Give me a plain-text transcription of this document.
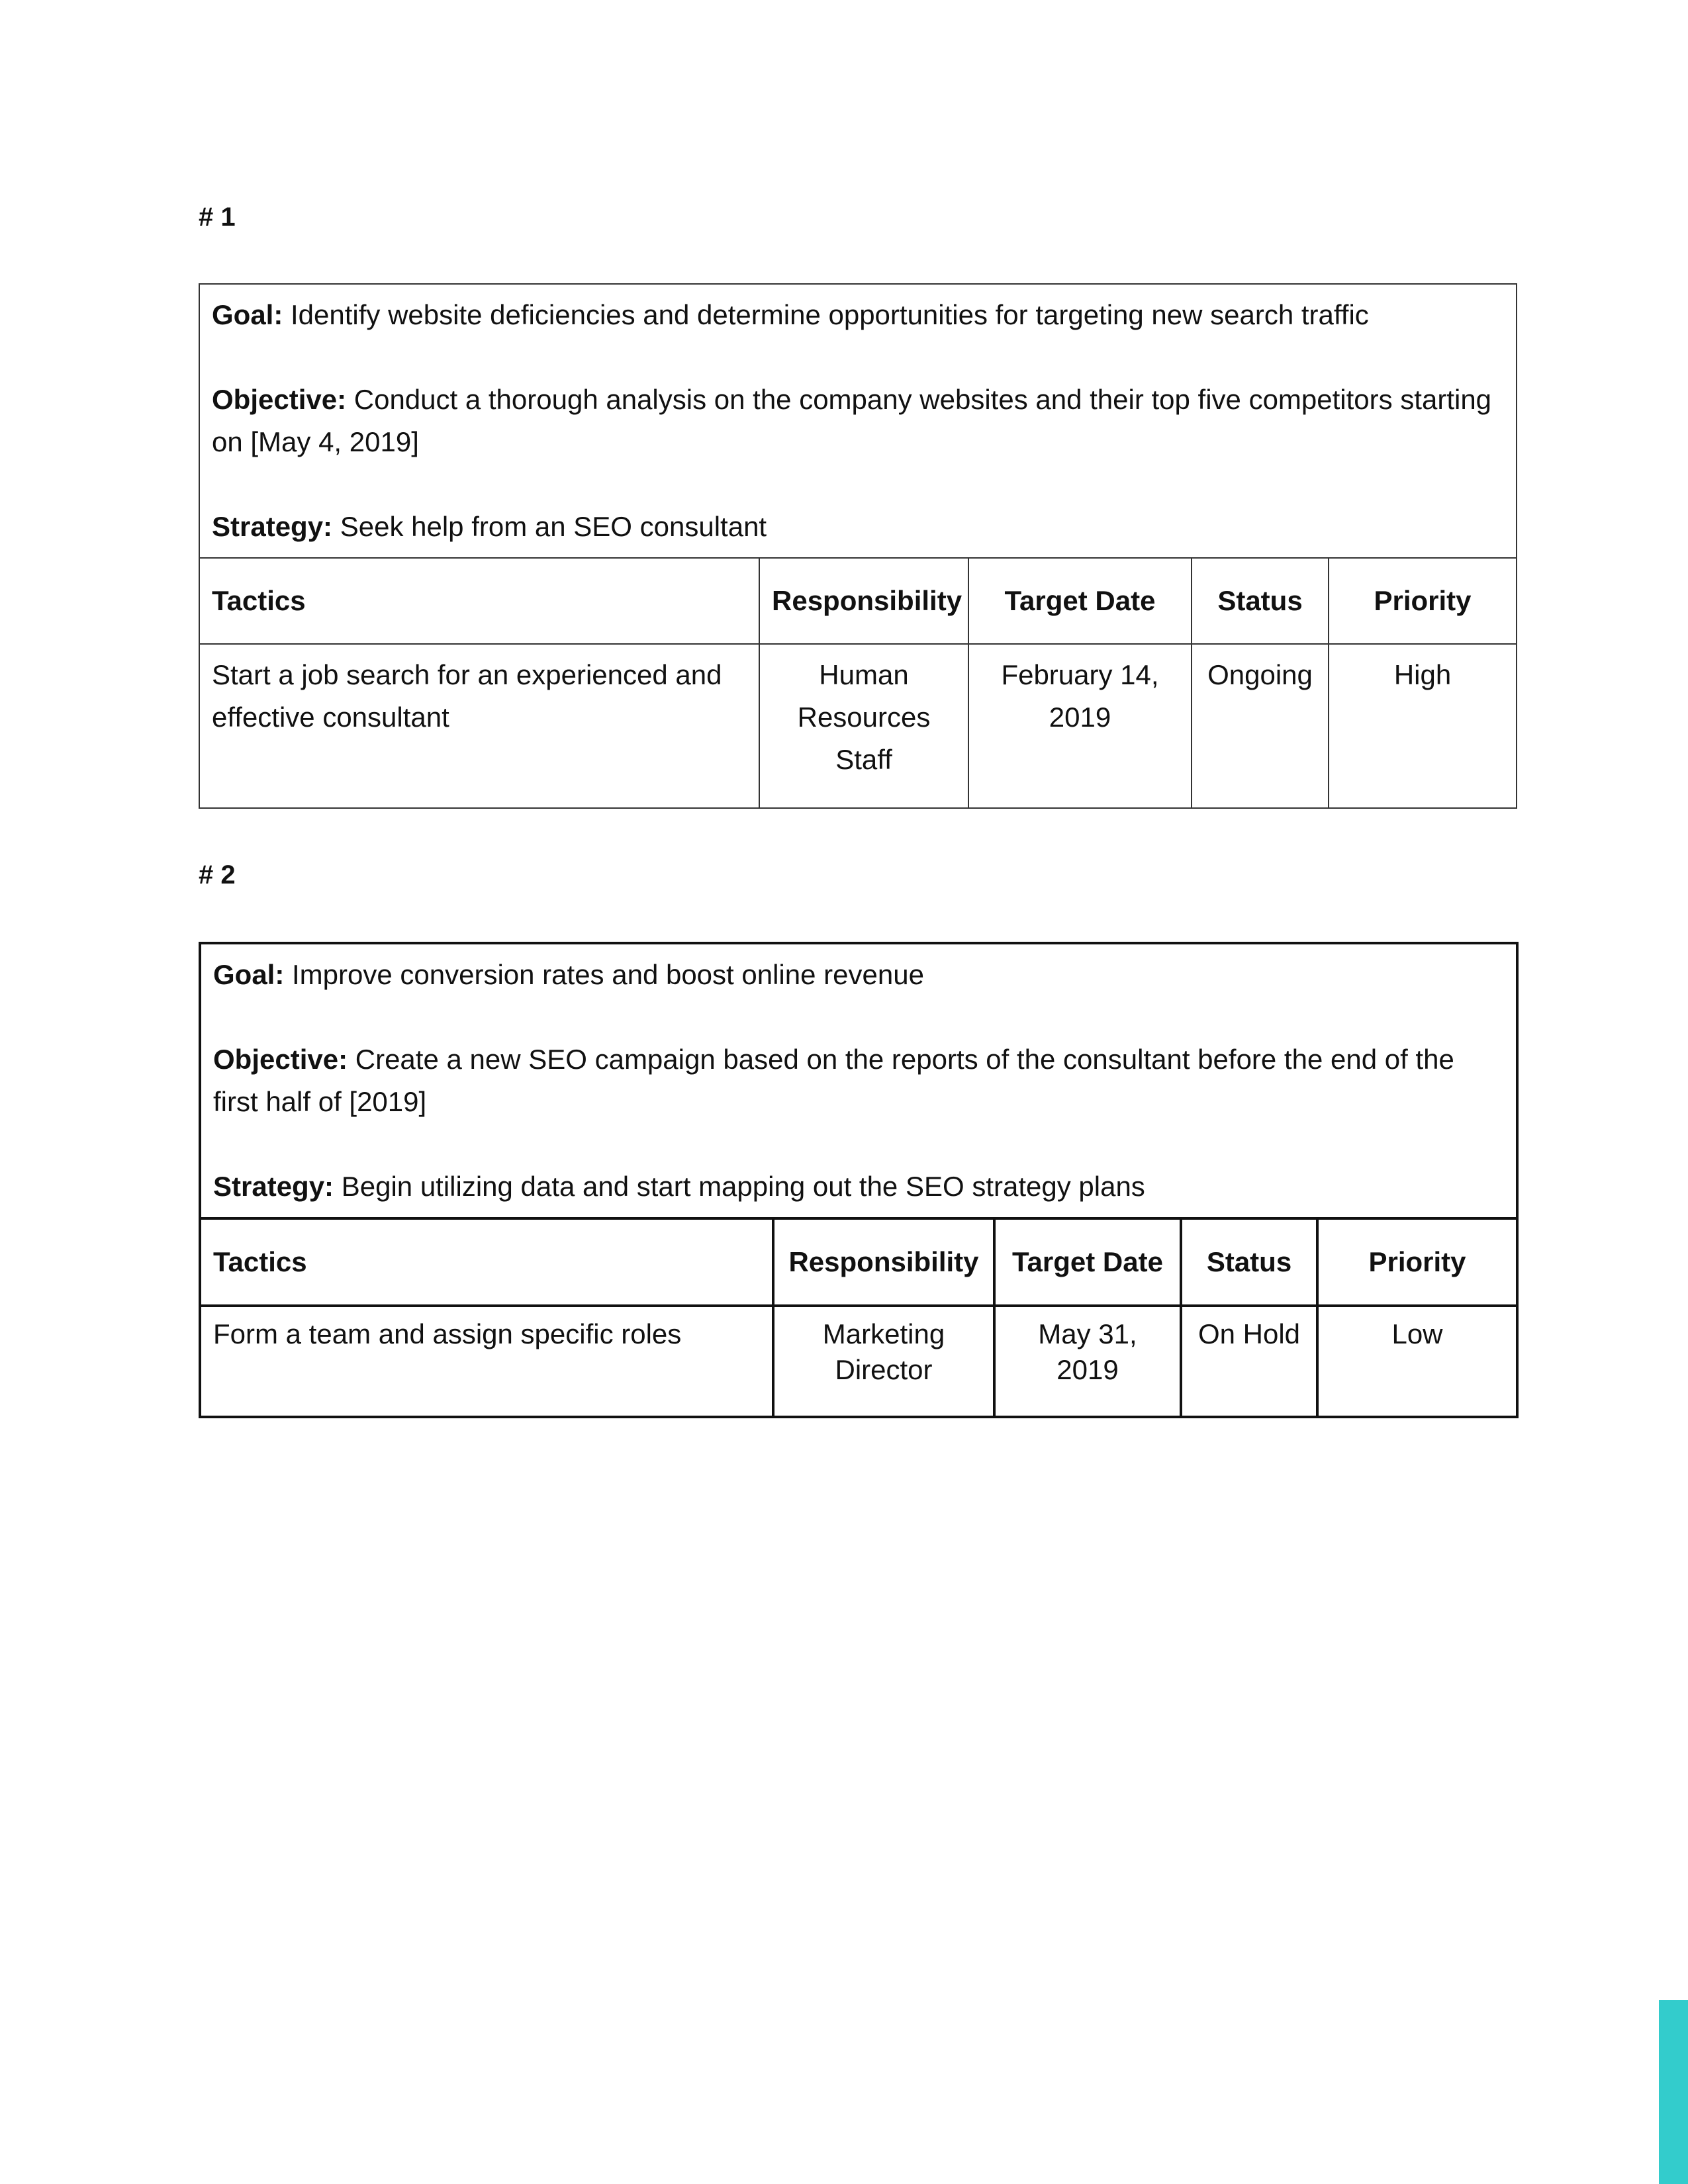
# 1

Goal: Identify website deficiencies and determine opportunities for targeting new search traffic

Objective: Conduct a thorough analysis on the company websites and their top five competitors starting on [May 4, 2019]

Strategy: Seek help from an SEO consultant				

Tactics	Responsibility	Target Date	Status	Priority
Start a job search for an experienced and effective consultant	Human Resources Staff	February 14, 2019	Ongoing	High
# 2

Goal: Improve conversion rates and boost online revenue

Objective: Create a new SEO campaign based on the reports of the consultant before the end of the first half of [2019]

Strategy: Begin utilizing data and start mapping out the SEO strategy plans				

Tactics	Responsibility	Target Date	Status	Priority
Form a team and assign specific roles	Marketing Director	May 31, 2019	On Hold	Low
